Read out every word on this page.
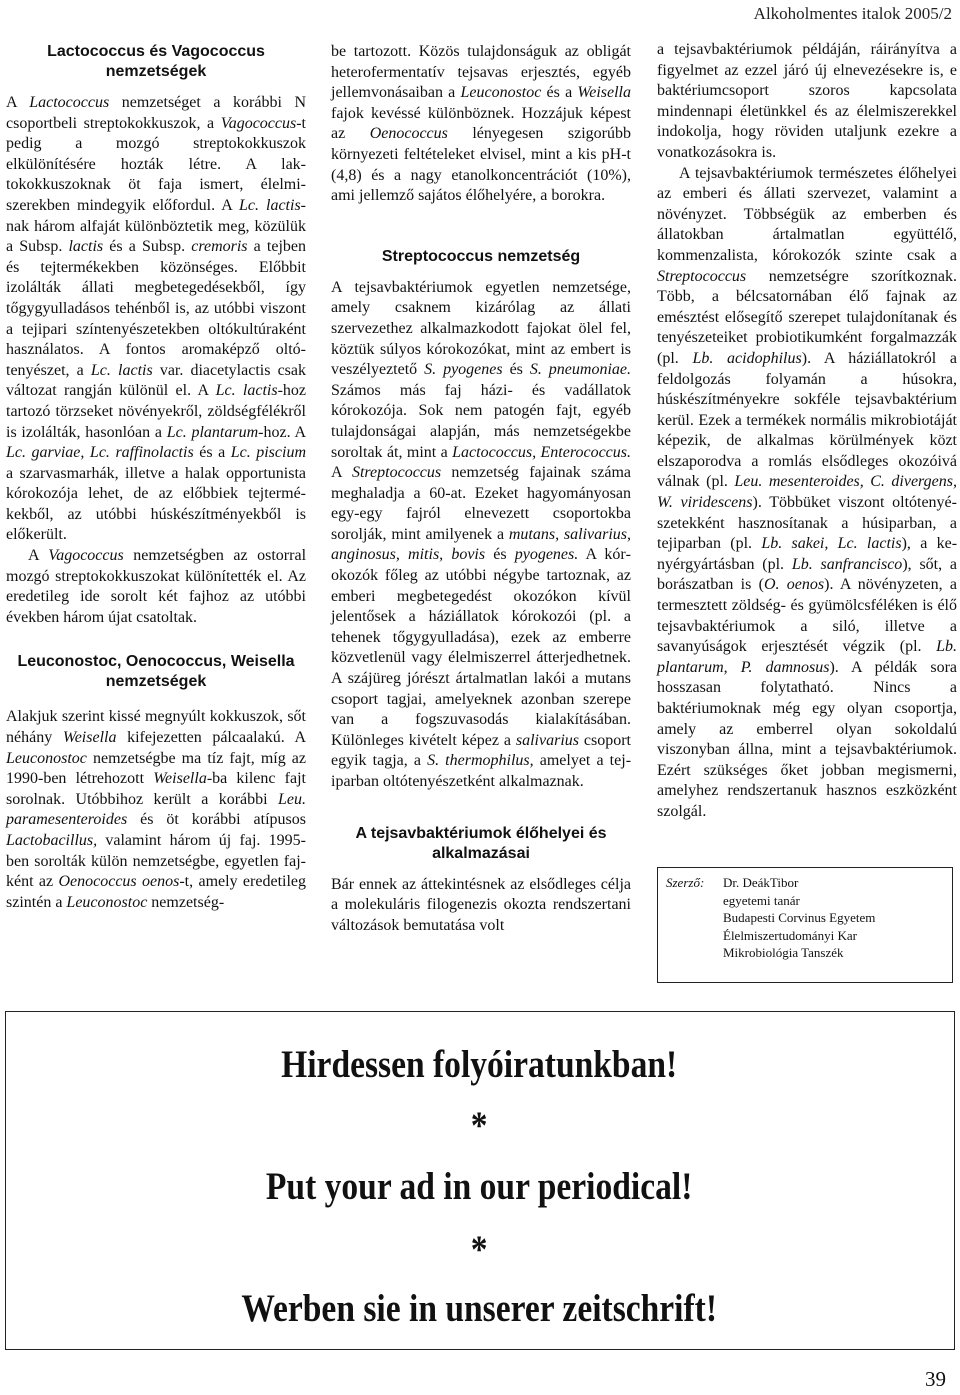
Alkoholmentes italok 2005/2
Lactococcus és Vagococcus nemzetségek

A Lactococcus nemzetséget a korábbi N csoportbeli streptokokkuszok, a Vagococcus-t pedig a mozgó streptokokkuszok elkülönítésére hozták létre. A laktokokkuszoknak öt faja ismert, élelmiszerekben mindegyik előfordul. A Lc. lactis-nak három alfaját különböztetik meg, közülük a Subsp. lactis és a Subsp. cremoris a tejben és tejtermékekben közönséges. Előbbit izolálták állati megbetegedésekből, így tőgygyulladásos tehénből is, az utóbbi viszont a tejipari színtenyészetekben oltókultúraként használatos. A fontos aromaképző oltótenyészet, a Lc. lactis var. diacetylactis csak változat rangján különül el. A Lc. lactis-hoz tartozó törzseket növényekről, zöldségfélékről is izolálták, hasonlóan a Lc. plantarum-hoz. A Lc. garviae, Lc. raffinolactis és a Lc. piscium a szarvasmarhák, illetve a halak opportunista kórokozója lehet, de az előbbiek tejtermékekből, az utóbbi húskészítményekből is előkerült.

A Vagococcus nemzetségben az ostorral mozgó streptokokkuszokat különítették el. Az eredetileg ide sorolt két fajhoz az utóbbi években három újat csatoltak.

Leuconostoc, Oenococcus, Weisella nemzetségek

Alakjuk szerint kissé megnyúlt kokkuszok, sőt néhány Weisella kifejezetten pálcaalakú. A Leuconostoc nemzetségbe ma tíz fajt, míg az 1990-ben létrehozott Weisella-ba kilenc fajt sorolnak. Utóbbihoz került a korábbi Leu. paramesenteroides és öt korábbi atípusos Lactobacillus, valamint három új faj. 1995-ben sorolták külön nemzetségbe, egyetlen fajként az Oenococcus oenos-t, amely eredetileg szintén a Leuconostoc nemzetség-

be tartozott. Közös tulajdonságuk az obligát heterofermentatív tejsavas erjesztés, egyéb jellemvonásaiban a Leuconostoc és a Weisella fajok kevéssé különböznek. Hozzájuk képest az Oenococcus lényegesen szigorúbb környezeti feltételeket elvisel, mint a kis pH-t (4,8) és a nagy etanolkoncentrációt (10%), ami jellemző sajátos élőhelyére, a borokra.

Streptococcus nemzetség

A tejsavbaktériumok egyetlen nemzetsége, amely csaknem kizárólag az állati szervezethez alkalmazkodott fajokat ölel fel, köztük súlyos kórokozókat, mint az embert is veszélyeztető S. pyogenes és S. pneumoniae. Számos más faj házi- és vadállatok kórokozója. Sok nem patogén fajt, egyéb tulajdonságai alapján, más nemzetségekbe soroltak át, mint a Lactococcus, Enterococcus. A Streptococcus nemzetség fajainak száma meghaladja a 60-at. Ezeket hagyományosan egy-egy fajról elnevezett csoportokba sorolják, mint amilyenek a mutans, salivarius, anginosus, mitis, bovis és pyogenes. A kórokozók főleg az utóbbi négybe tartoznak, az emberi megbetegedést okozókon kívül jelentősek a háziállatok kórokozói (pl. a tehenek tőgygyulladása), ezek az emberre közvetlenül vagy élelmiszerrel átterjedhetnek. A szájüreg jórészt ártalmatlan lakói a mutans csoport tagjai, amelyeknek azonban szerepe van a fogszuvasodás kialakításában. Különleges kivételt képez a salivarius csoport egyik tagja, a S. thermophilus, amelyet a tejiparban oltótenyészetként alkalmaznak.

A tejsavbaktériumok élőhelyei és alkalmazásai

Bár ennek az áttekintésnek az elsődleges célja a molekuláris filogenezis okozta rendszertani változások bemutatása volt

a tejsavbaktériumok példáján, ráirányítva a figyelmet az ezzel járó új elnevezésekre is, e baktériumcsoport szoros kapcsolata mindennapi életünkkel és az élelmiszerekkel indokolja, hogy röviden utaljunk ezekre a vonatkozásokra is.

A tejsavbaktériumok természetes élőhelyei az emberi és állati szervezet, valamint a növényzet. Többségük az emberben és állatokban ártalmatlan együttélő, kommenzalista, kórokozók szinte csak a Streptococcus nemzetségre szorítkoznak. Több, a bélcsatornában élő fajnak az emésztést elősegítő szerepet tulajdonítanak és tenyészeteiket probiotikumként forgalmazzák (pl. Lb. acidophilus). A háziállatokról a feldolgozás folyamán a húsokra, húskészítményekre sokféle tejsavbaktérium kerül. Ezek a termékek normális mikrobiotáját képezik, de alkalmas körülmények közt elszaporodva a romlás elsődleges okozóivá válnak (pl. Leu. mesenteroides, C. divergens, W. viridescens). Többüket viszont oltótenyészetekként hasznosítanak a húsiparban, a tejiparban (pl. Lb. sakei, Lc. lactis), a kenyérgyártásban (pl. Lb. sanfrancisco), sőt, a borászatban is (O. oenos). A növényzeten, a termesztett zöldség- és gyümölcsféléken is élő tejsavbaktériumok a siló, illetve a savanyúságok erjesztését végzik (pl. Lb. plantarum, P. damnosus). A példák sora hosszasan folytatható. Nincs a baktériumoknak még egy olyan csoportja, amely az emberrel olyan sokoldalú viszonyban állna, mint a tejsavbaktériumok. Ezért szükséges őket jobban megismerni, amelyhez rendszertanuk hasznos eszközként szolgál.

Szerző: Dr. DeákTibor
egyetemi tanár
Budapesti Corvinus Egyetem
Élelmiszertudományi Kar
Mikrobiológia Tanszék
Hirdessen folyóiratunkban!
*
Put your ad in our periodical!
*
Werben sie in unserer zeitschrift!
39
